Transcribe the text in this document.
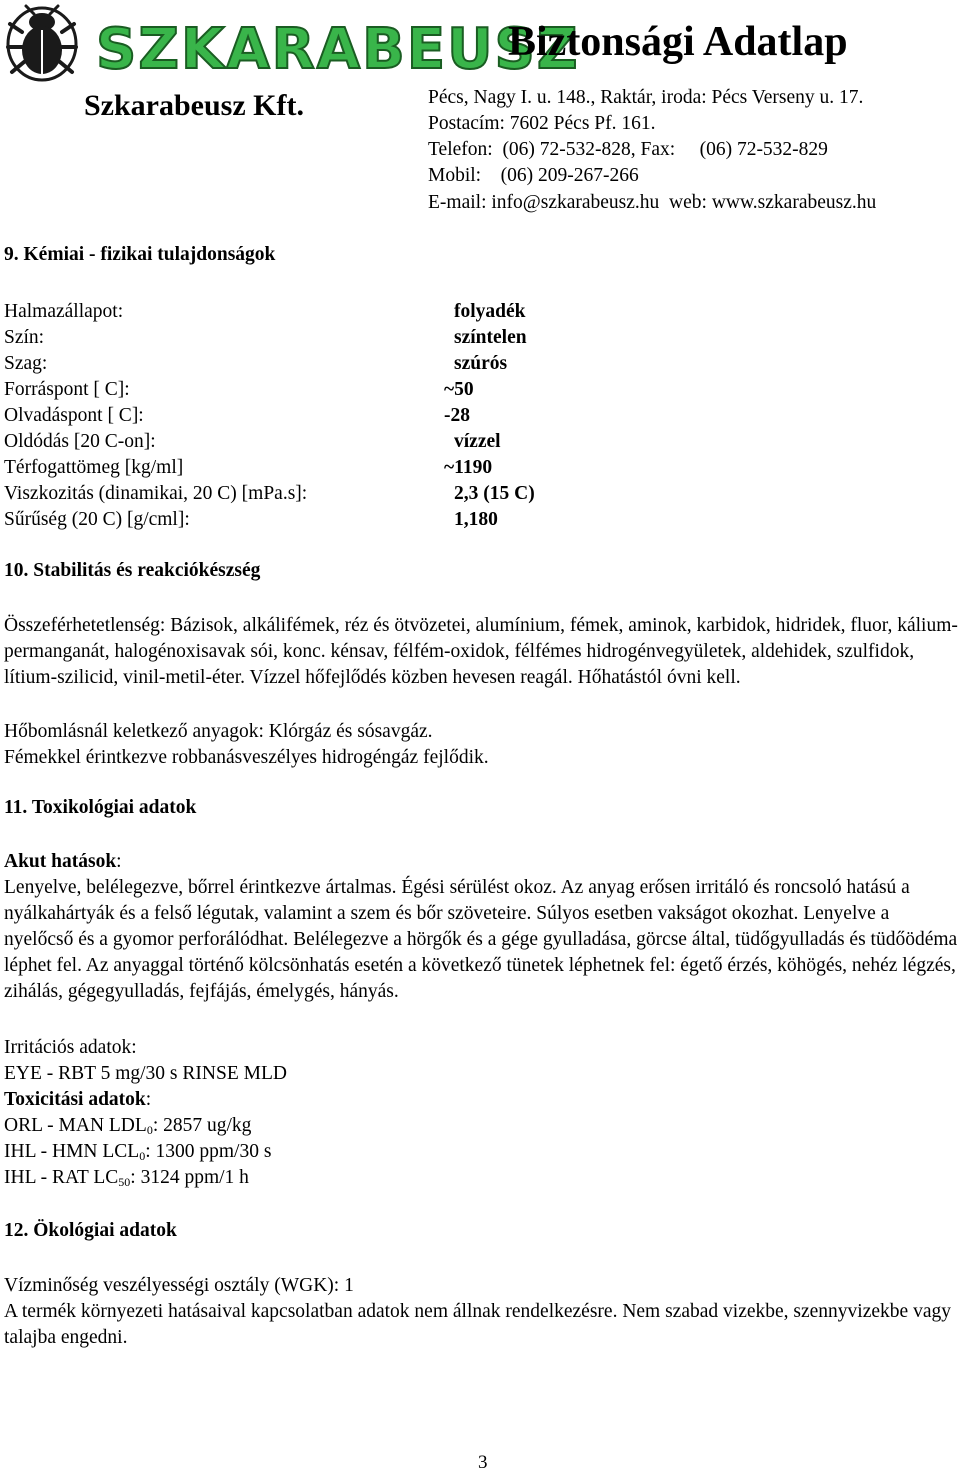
SZKARABEUSZ
Biztonsági Adatlap
Szkarabeusz Kft.	Pécs, Nagy I. u. 148., Raktár, iroda: Pécs Verseny u. 17.
Postacím: 7602 Pécs Pf. 161.
Telefon:  (06) 72-532-828, Fax:     (06) 72-532-829
Mobil:    (06) 209-267-266
E-mail: info@szkarabeusz.hu  web: www.szkarabeusz.hu
9. Kémiai - fizikai tulajdonságok
Halmazállapot:	folyadék
Szín:	színtelen
Szag:	szúrós
Forráspont [ C]:	~50
Olvadáspont [ C]:	-28
Oldódás [20 C-on]:	vízzel
Térfogattömeg [kg/ml]	~1190
Viszkozitás (dinamikai, 20 C) [mPa.s]:	2,3 (15 C)
Sűrűség (20 C) [g/cml]:	1,180
10. Stabilitás és reakciókészség
Összeférhetetlenség: Bázisok, alkálifémek, réz és ötvözetei, alumínium, fémek, aminok, karbidok, hidridek, fluor, kálium-permanganát, halogénoxisavak sói, konc. kénsav, félfém-oxidok, félfémes hidrogénvegyületek, aldehidek, szulfidok, lítium-szilicid, vinil-metil-éter. Vízzel hőfejlődés közben hevesen reagál. Hőhatástól óvni kell.
Hőbomlásnál keletkező anyagok: Klórgáz és sósavgáz.
Fémekkel érintkezve robbanásveszélyes hidrogéngáz fejlődik.
11. Toxikológiai adatok
Akut hatások:
Lenyelve, belélegezve, bőrrel érintkezve ártalmas. Égési sérülést okoz. Az anyag erősen irritáló és roncsoló hatású a nyálkahártyák és a felső légutak, valamint a szem és bőr szöveteire. Súlyos esetben vakságot okozhat. Lenyelve a nyelőcső és a gyomor perforálódhat. Belélegezve a hörgők és a gége gyulladása, görcse által, tüdőgyulladás és tüdőödéma léphet fel. Az anyaggal történő kölcsönhatás esetén a következő tünetek léphetnek fel: égető érzés, köhögés, nehéz légzés, zihálás, gégegyulladás, fejfájás, émelygés, hányás.
Irritációs adatok:
EYE - RBT 5 mg/30 s RINSE MLD
Toxicitási adatok:
ORL - MAN $LDL_0$: 2857 ug/kg
IHL - HMN $LCL_0$: 1300 ppm/30 s
IHL - RAT $LC_{50}$: 3124 ppm/1 h
12. Ökológiai adatok
Vízminőség veszélyességi osztály (WGK): 1
A termék környezeti hatásaival kapcsolatban adatok nem állnak rendelkezésre. Nem szabad vizekbe, szennyvizekbe vagy talajba engedni.
3
